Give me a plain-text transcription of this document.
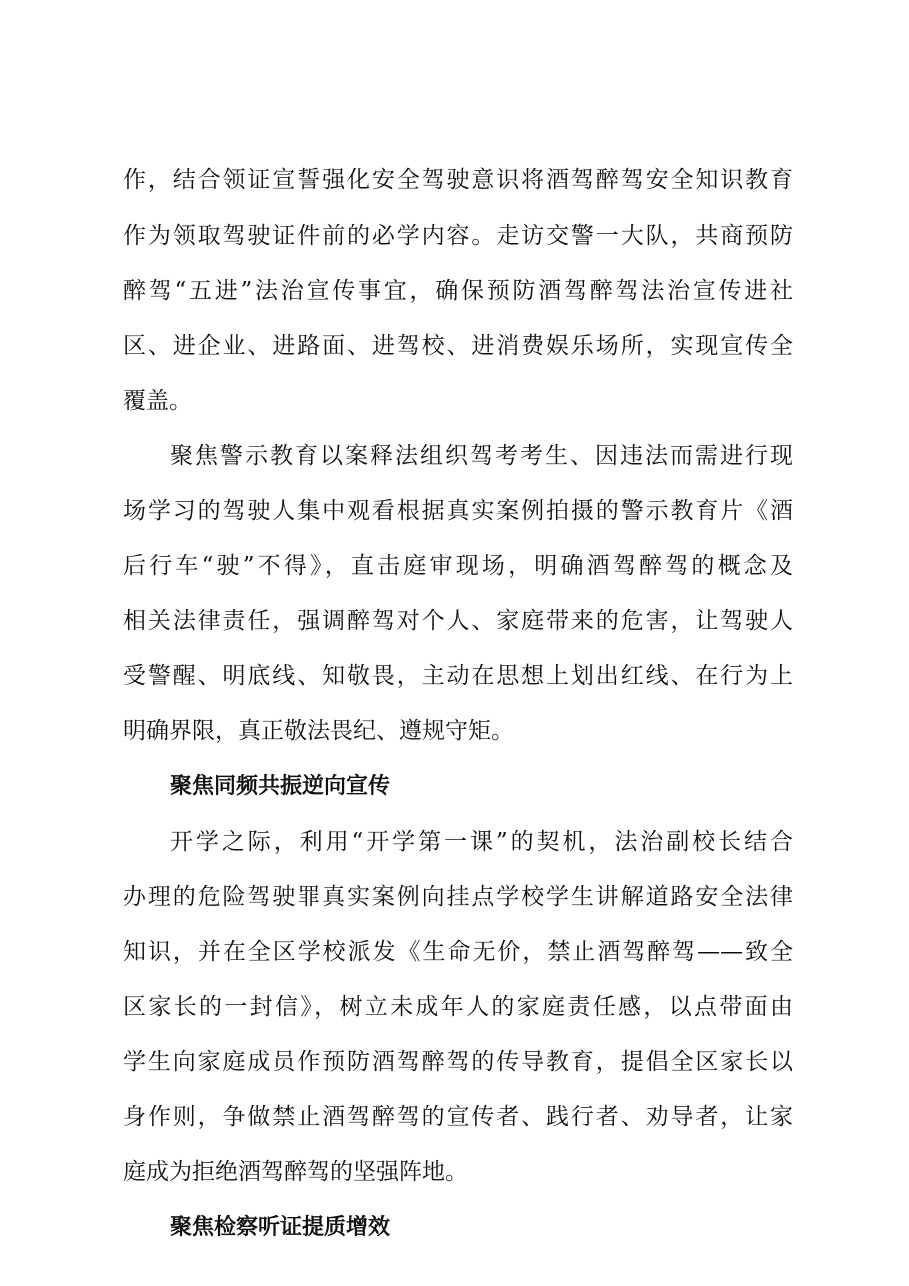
作，结合领证宣誓强化安全驾驶意识将酒驾醉驾安全知识教育
作为领取驾驶证件前的必学内容。走访交警一大队，共商预防
醉驾“五进”法治宣传事宜，确保预防酒驾醉驾法治宣传进社
区、进企业、进路面、进驾校、进消费娱乐场所，实现宣传全
覆盖。
聚焦警示教育以案释法组织驾考考生、因违法而需进行现
场学习的驾驶人集中观看根据真实案例拍摄的警示教育片《酒
后行车“驶”不得》，直击庭审现场，明确酒驾醉驾的概念及
相关法律责任，强调醉驾对个人、家庭带来的危害，让驾驶人
受警醒、明底线、知敬畏，主动在思想上划出红线、在行为上
明确界限，真正敬法畏纪、遵规守矩。
聚焦同频共振逆向宣传
开学之际，利用“开学第一课”的契机，法治副校长结合
办理的危险驾驶罪真实案例向挂点学校学生讲解道路安全法律
知识，并在全区学校派发《生命无价，禁止酒驾醉驾——致全
区家长的一封信》，树立未成年人的家庭责任感，以点带面由
学生向家庭成员作预防酒驾醉驾的传导教育，提倡全区家长以
身作则，争做禁止酒驾醉驾的宣传者、践行者、劝导者，让家
庭成为拒绝酒驾醉驾的坚强阵地。
聚焦检察听证提质增效
